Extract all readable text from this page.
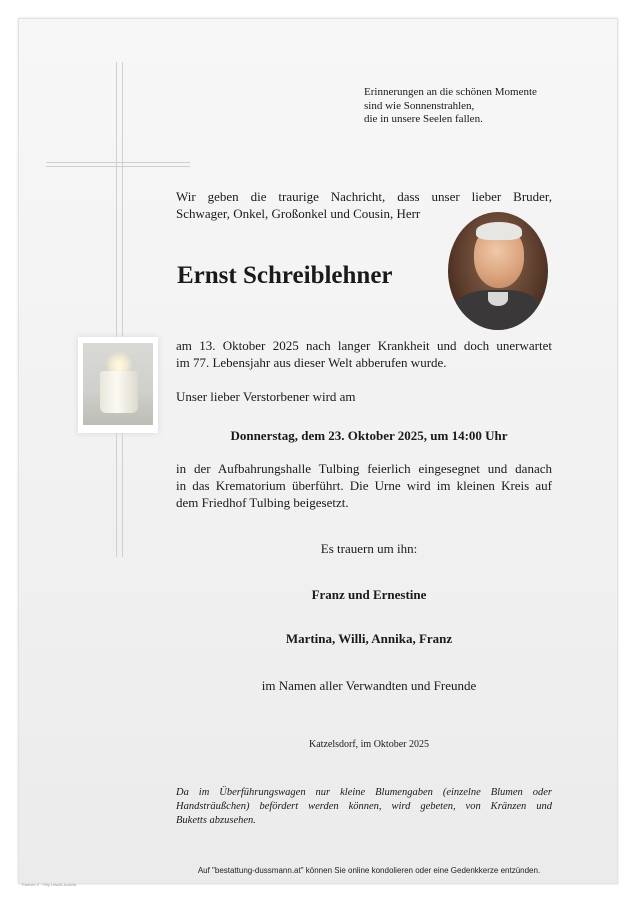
Erinnerungen an die schönen Momente
sind wie Sonnenstrahlen,
die in unsere Seelen fallen.
Wir geben die traurige Nachricht, dass unser lieber Bruder,
Schwager, Onkel, Großonkel und Cousin, Herr
Ernst Schreiblehner
am 13. Oktober 2025 nach langer Krankheit und doch unerwartet
im 77. Lebensjahr aus dieser Welt abberufen wurde.
Unser lieber Verstorbener wird am
Donnerstag, dem 23. Oktober 2025, um 14:00 Uhr
in der Aufbahrungshalle Tulbing feierlich eingesegnet und danach
in das Krematorium überführt. Die Urne wird im kleinen Kreis auf
dem Friedhof Tulbing beigesetzt.
Es trauern um ihn:
Franz und Ernestine
Martina, Willi, Annika, Franz
im Namen aller Verwandten und Freunde
Katzelsdorf, im Oktober 2025
Da im Überführungswagen nur kleine Blumengaben (einzelne Blumen oder
Handsträußchen) befördert werden können, wird gebeten, von Kränzen und
Buketts abzusehen.
Auf "bestattung-dussmann.at" können Sie online kondolieren oder eine Gedenkkerze entzünden.
Partner-V · ©by Litschi-Austria
